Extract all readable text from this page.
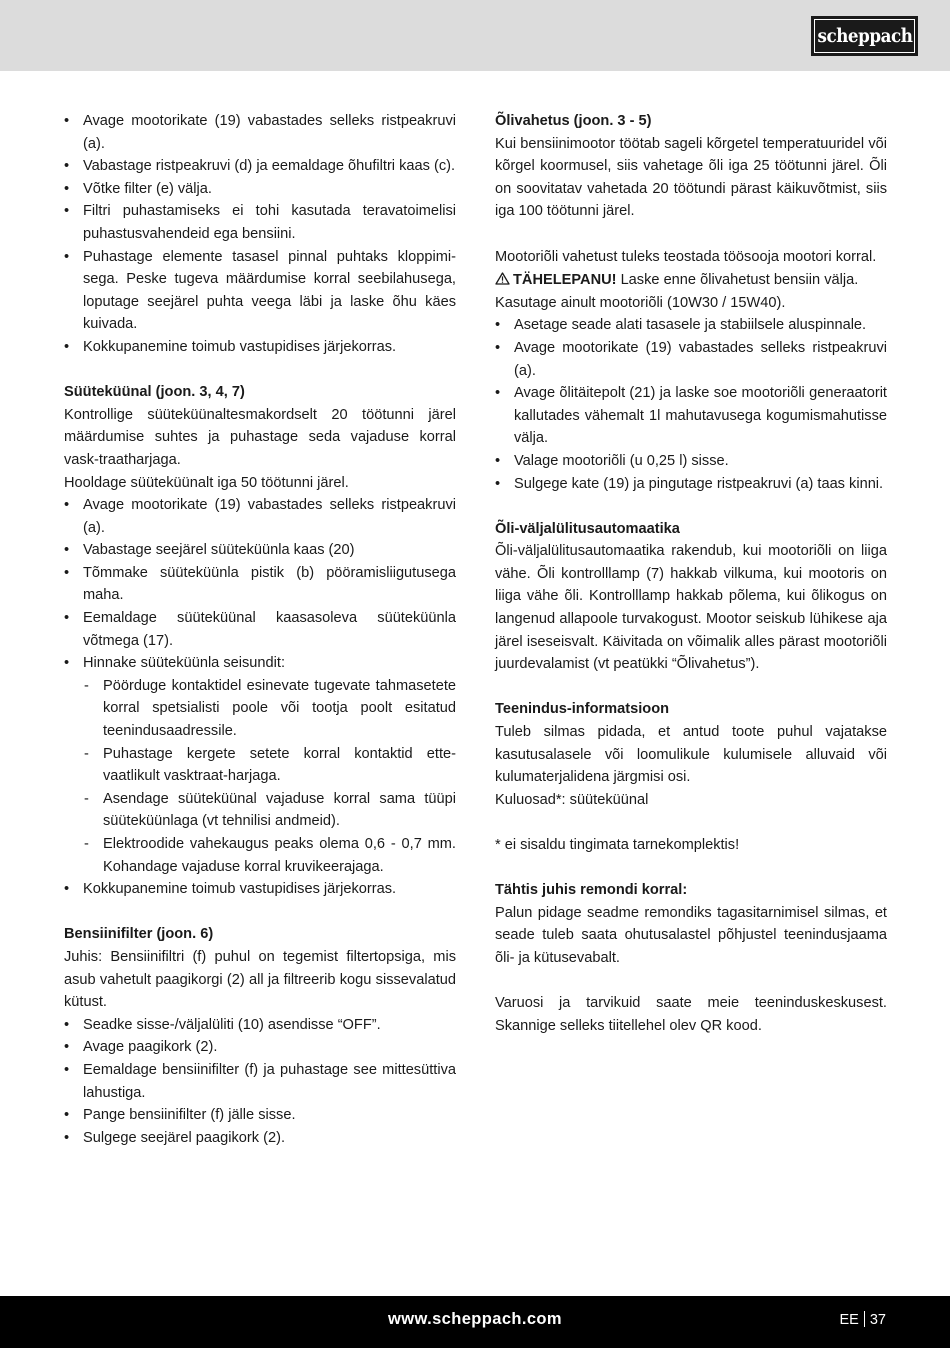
scheppach
• Avage mootorikate (19) vabastades selleks ristpeakruvi (a).
• Vabastage ristpeakruvi (d) ja eemaldage õhufiltri kaas (c).
• Võtke filter (e) välja.
• Filtri puhastamiseks ei tohi kasutada teravatoimelisi puhastusvahendeid ega bensiini.
• Puhastage elemente tasasel pinnal puhtaks kloppimisega. Peske tugeva määrdumise korral seebilahusega, loputage seejärel puhta veega läbi ja laske õhu käes kuivada.
• Kokkupanemine toimub vastupidises järjekorras.
Süüteküünal (joon. 3, 4, 7)
Kontrollige süüteküünaltesmakordselt 20 töötunni järel määrdumise suhtes ja puhastage seda vajaduse korral vask-traatharjaga.
Hooldage süüteküünalt iga 50 töötunni järel.
• Avage mootorikate (19) vabastades selleks ristpeakruvi (a).
• Vabastage seejärel süüteküünla kaas (20)
• Tõmmake süüteküünla pistik (b) pööramisliigutusega maha.
• Eemaldage süüteküünal kaasasoleva süüteküünla võtmega (17).
• Hinnake süüteküünla seisundit:
- Pöörduge kontaktidel esinevate tugevate tahmasetete korral spetsialisti poole või tootja poolt esitatud teenindusaadressile.
- Puhastage kergete setete korral kontaktid ettevaatlikult vasktraat-harjaga.
- Asendage süüteküünal vajaduse korral sama tüüpi süüteküünlaga (vt tehnilisi andmeid).
- Elektroodide vahekaugus peaks olema 0,6 - 0,7 mm. Kohandage vajaduse korral kruvikeerajaga.
• Kokkupanemine toimub vastupidises järjekorras.
Bensiinifilter (joon. 6)
Juhis: Bensiinifiltri (f) puhul on tegemist filtertopsiga, mis asub vahetult paagikorgi (2) all ja filtreerib kogu sissevalatud kütust.
• Seadke sisse-/väljalüliti (10) asendisse “OFF”.
• Avage paagikork (2).
• Eemaldage bensiinifilter (f) ja puhastage see mittesüttiva lahustiga.
• Pange bensiinifilter (f) jälle sisse.
• Sulgege seejärel paagikork (2).
Õlivahetus (joon. 3 - 5)
Kui bensiinimootor töötab sageli kõrgetel temperatuuridel või kõrgel koormusel, siis vahetage õli iga 25 töötunni järel. Õli on soovitatav vahetada 20 töötundi pärast käikuvõtmist, siis iga 100 töötunni järel.
Mootoriõli vahetust tuleks teostada töösooja mootori korral.
TÄHELEPANU! Laske enne õlivahetust bensiin välja.
Kasutage ainult mootoriõli (10W30 / 15W40).
• Asetage seade alati tasasele ja stabiilsele aluspinnale.
• Avage mootorikate (19) vabastades selleks ristpeakruvi (a).
• Avage õlitäitepolt (21) ja laske soe mootoriõli generaatorit kallutades vähemalt 1l mahutavusega kogumismahutisse välja.
• Valage mootoriõli (u 0,25 l) sisse.
• Sulgege kate (19) ja pingutage ristpeakruvi (a) taas kinni.
Õli-väljalülitusautomaatika
Õli-väljalülitusautomaatika rakendub, kui mootoriõli on liiga vähe. Õli kontrolllamp (7) hakkab vilkuma, kui mootoris on liiga vähe õli. Kontrolllamp hakkab põlema, kui õlikogus on langenud allapoole turvakogust. Mootor seiskub lühikese aja järel iseseisvalt. Käivitada on võimalik alles pärast mootoriõli juurdevalamist (vt peatükki “Õlivahetus”).
Teenindus-informatsioon
Tuleb silmas pidada, et antud toote puhul vajatakse kasutusalasele või loomulikule kulumisele alluvaid või kulumaterjalidena järgmisi osi.
Kuluosad*: süüteküünal
* ei sisaldu tingimata tarnekomplektis!
Tähtis juhis remondi korral:
Palun pidage seadme remondiks tagasitarnimisel silmas, et seade tuleb saata ohutusalastel põhjustel teenindusjaama õli- ja kütusevabalt.
Varuosi ja tarvikuid saate meie teeninduskeskusest. Skannige selleks tiitellehel olev QR kood.
www.scheppach.com	EE 37
